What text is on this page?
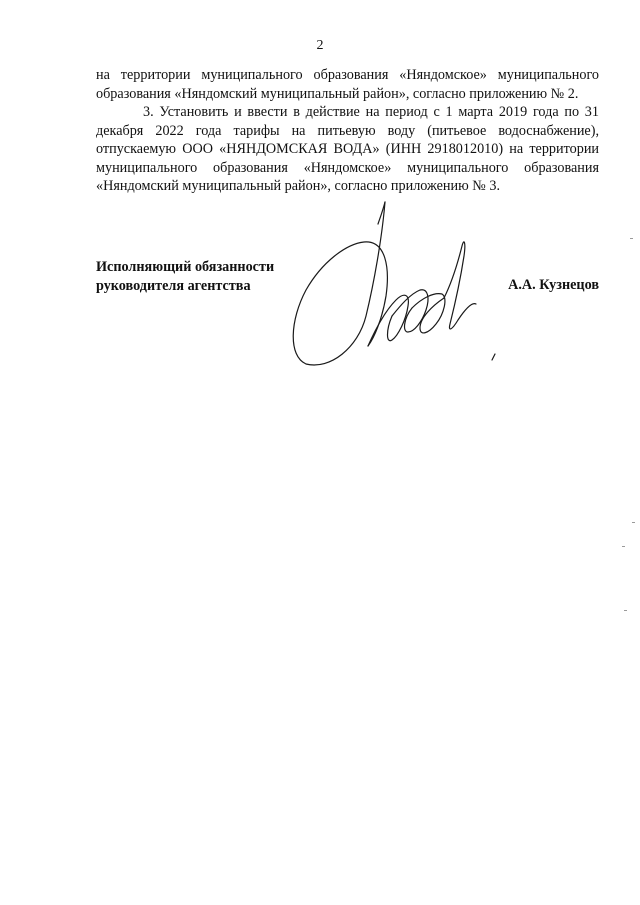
2

на территории муниципального образования «Няндомское» муниципального образования «Няндомский муниципальный район», согласно приложению № 2.

3. Установить и ввести в действие на период с 1 марта 2019 года по 31 декабря 2022 года тарифы на питьевую воду (питьевое водоснабжение), отпускаемую ООО «НЯНДОМСКАЯ ВОДА» (ИНН 2918012010) на территории муниципального образования «Няндомское» муниципального образования «Няндомский муниципальный район», согласно приложению № 3.

Исполняющий обязанности
руководителя агентства	А.А. Кузнецов
